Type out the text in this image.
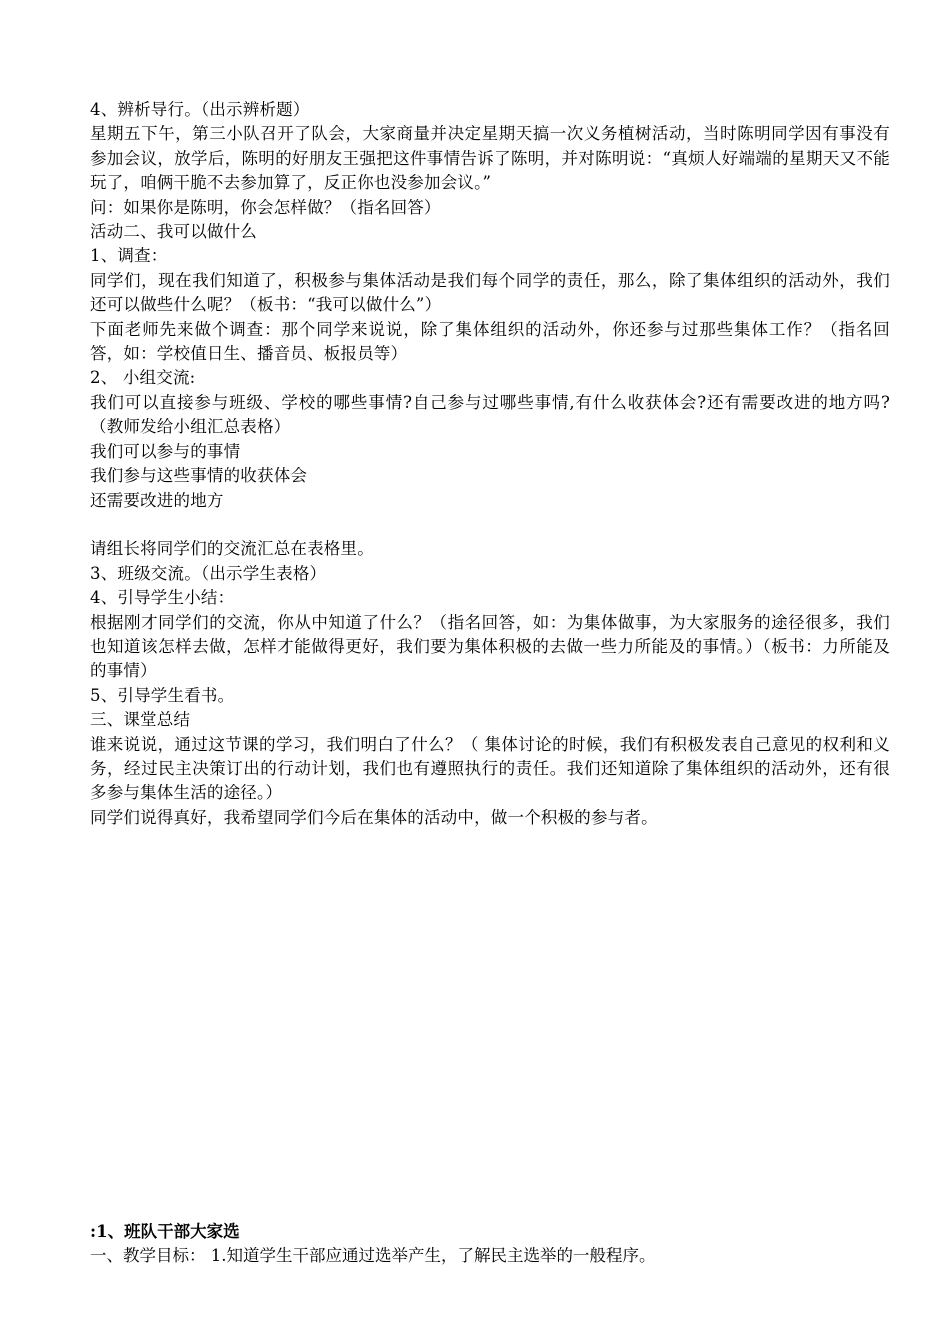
4、辨析导行。（出示辨析题）

星期五下午，第三小队召开了队会，大家商量并决定星期天搞一次义务植树活动，当时陈明同学因有事没有参加会议，放学后，陈明的好朋友王强把这件事情告诉了陈明，并对陈明说：“真烦人好端端的星期天又不能玩了，咱俩干脆不去参加算了，反正你也没参加会议。”

问：如果你是陈明，你会怎样做？（指名回答）

活动二、我可以做什么

1、调查：

同学们，现在我们知道了，积极参与集体活动是我们每个同学的责任，那么，除了集体组织的活动外，我们还可以做些什么呢？（板书：“我可以做什么”）

下面老师先来做个调查：那个同学来说说，除了集体组织的活动外，你还参与过那些集体工作？（指名回答，如：学校值日生、播音员、板报员等）

2、 小组交流:

我们可以直接参与班级、学校的哪些事情?自己参与过哪些事情,有什么收获体会?还有需要改进的地方吗?（教师发给小组汇总表格）

我们可以参与的事情

我们参与这些事情的收获体会

还需要改进的地方

请组长将同学们的交流汇总在表格里。

3、班级交流。（出示学生表格）

4、引导学生小结：

根据刚才同学们的交流，你从中知道了什么？（指名回答，如：为集体做事，为大家服务的途径很多，我们也知道该怎样去做，怎样才能做得更好，我们要为集体积极的去做一些力所能及的事情。）（板书：力所能及的事情）

5、引导学生看书。

三、课堂总结

谁来说说，通过这节课的学习，我们明白了什么？（ 集体讨论的时候，我们有积极发表自己意见的权利和义务，经过民主决策订出的行动计划，我们也有遵照执行的责任。我们还知道除了集体组织的活动外，还有很多参与集体生活的途径。）

同学们说得真好，我希望同学们今后在集体的活动中，做一个积极的参与者。

:1、班队干部大家选

一、教学目标： 1.知道学生干部应通过选举产生，了解民主选举的一般程序。
